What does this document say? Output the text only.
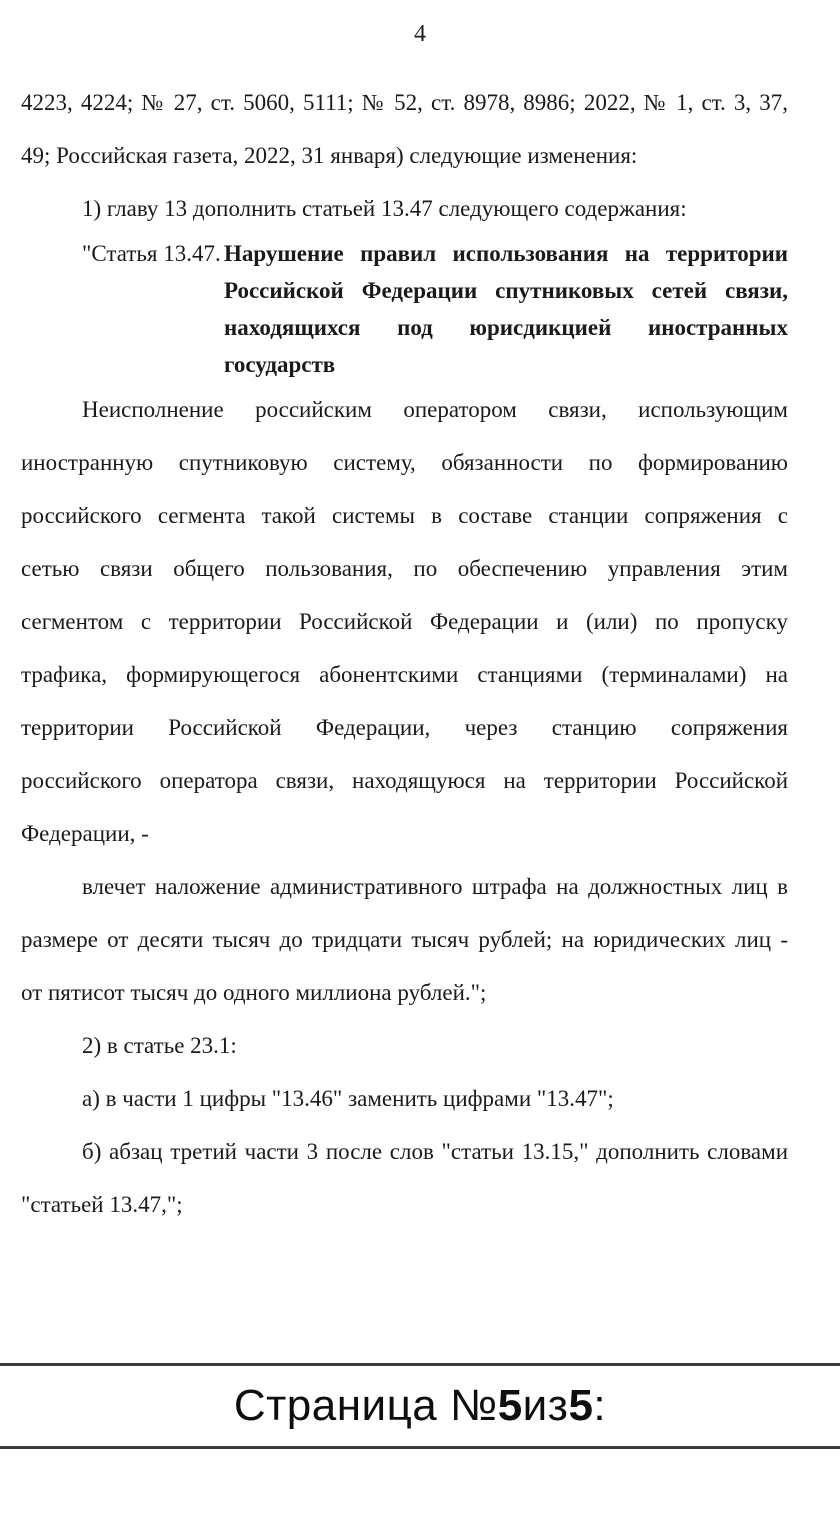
4
4223, 4224; № 27, ст. 5060, 5111; № 52, ст. 8978, 8986; 2022, № 1, ст. 3, 37,
49; Российская газета, 2022, 31 января) следующие изменения:
1) главу 13 дополнить статьей 13.47 следующего содержания:
"Статья 13.47. Нарушение правил использования на территории
Российской Федерации спутниковых сетей связи,
находящихся под юрисдикцией иностранных
государств
Неисполнение российским оператором связи, использующим
иностранную спутниковую систему, обязанности по формированию
российского сегмента такой системы в составе станции сопряжения с
сетью связи общего пользования, по обеспечению управления этим
сегментом с территории Российской Федерации и (или) по пропуску
трафика, формирующегося абонентскими станциями (терминалами) на
территории Российской Федерации, через станцию сопряжения
российского оператора связи, находящуюся на территории Российской
Федерации, -
влечет наложение административного штрафа на должностных лиц в
размере от десяти тысяч до тридцати тысяч рублей; на юридических лиц -
от пятисот тысяч до одного миллиона рублей.";
2) в статье 23.1:
а) в части 1 цифры "13.46" заменить цифрами "13.47";
б) абзац третий части 3 после слов "статьи 13.15," дополнить словами
"статьей 13.47,";
Страница № 5 из 5 :
